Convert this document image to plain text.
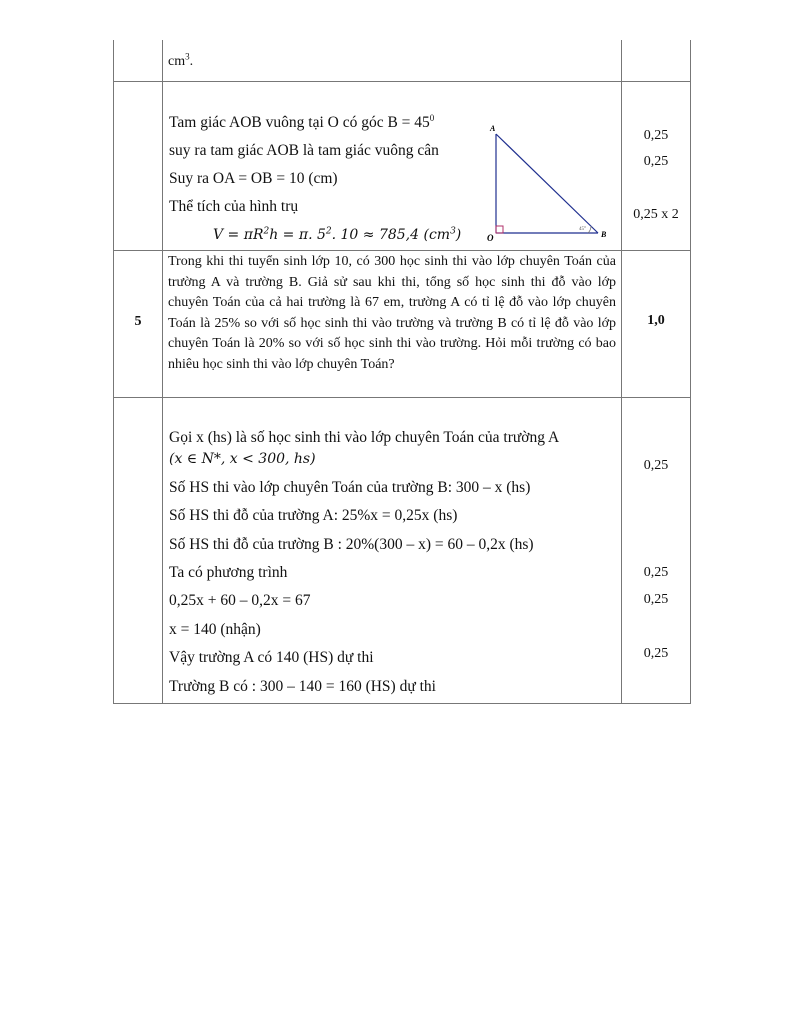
$cm^3$.
Tam giác AOB vuông tại O có góc $B = 45^0$
suy ra tam giác AOB là tam giác vuông cân
Suy ra OA = OB = 10 (cm)
Thể tích của hình trụ
$V = \pi R^2h = \pi$. $5^2$. 10 ≈ 785,4 $(cm^3)$
A
O	B
45°
0,25
0,25
0,25 x 2
5
Trong khi thi tuyển sinh lớp 10, có 300 học sinh thi vào lớp chuyên Toán của trường A và trường B. Giả sử sau khi thi, tổng số học sinh thi đỗ vào lớp chuyên Toán của cả hai trường là 67 em, trường A có tỉ lệ đỗ vào lớp chuyên Toán là 25% so với số học sinh thi vào trường và trường B có tỉ lệ đỗ vào lớp chuyên Toán là 20% so với số học sinh thi vào trường. Hỏi mỗi trường có bao nhiêu học sinh thi vào lớp chuyên Toán?
1,0
Gọi x (hs) là số học sinh thi vào lớp chuyên Toán của trường A
(x ∈ N*, x < 300, hs)
Số HS thi vào lớp chuyên Toán của trường B: 300 – x (hs)
Số HS thi đỗ của trường A: 25%x = 0,25x (hs)
Số HS thi đỗ của trường B : 20%(300 – x) = 60 – 0,2x (hs)
Ta có phương trình
0,25x + 60 – 0,2x = 67
x = 140 (nhận)
Vậy trường A có 140 (HS) dự thi
Trường B có : 300 – 140 = 160 (HS) dự thi
0,25
0,25
0,25
0,25
